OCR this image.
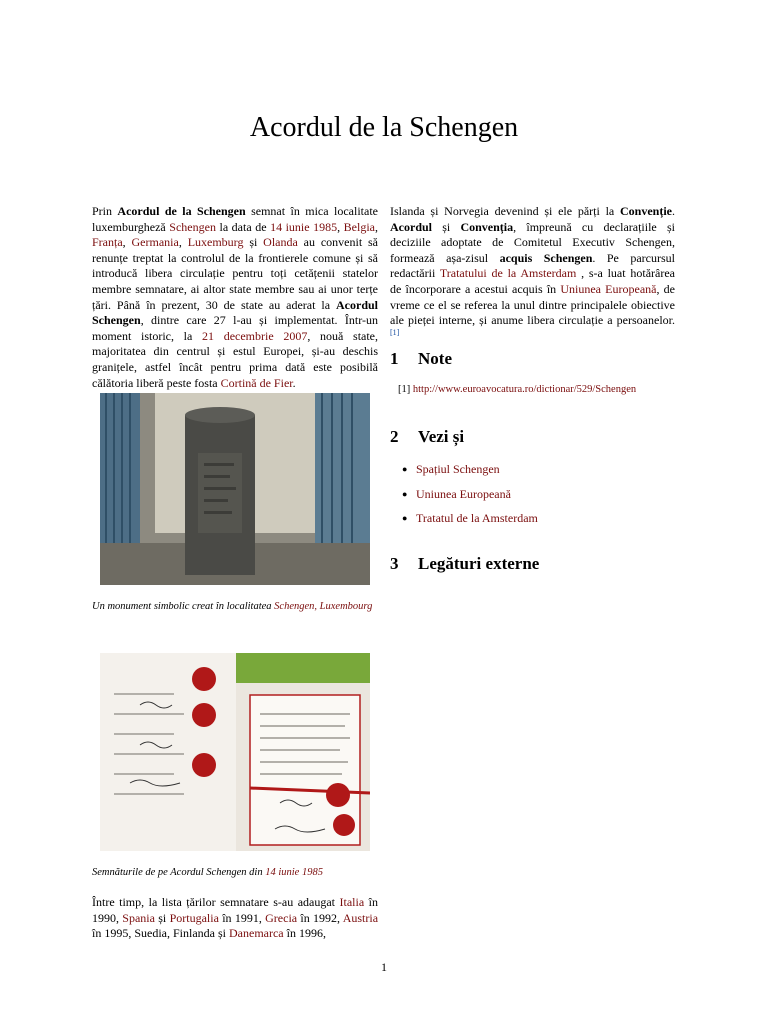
Acordul de la Schengen

Prin Acordul de la Schengen semnat în mica localitate luxemburgheză Schengen la data de 14 iunie 1985, Belgia, Franța, Germania, Luxemburg și Olanda au convenit să renunțe treptat la controlul de la frontierele comune și să introducă libera circulație pentru toți cetățenii statelor membre semnatare, ai altor state membre sau ai unor terțe țări. Până în prezent, 30 de state au aderat la Acordul Schengen, dintre care 27 l-au și implementat. Într-un moment istoric, la 21 decembrie 2007, nouă state, majoritatea din centrul și estul Europei, și-au deschis granițele, astfel încât pentru prima dată este posibilă călătoria liberă peste fosta Cortină de Fier.

Un monument simbolic creat în localitatea Schengen, Luxembourg
Semnăturile de pe Acordul Schengen din 14 iunie 1985
Între timp, la lista țărilor semnatare s-au adaugat Italia în 1990, Spania și Portugalia în 1991, Grecia în 1992, Austria în 1995, Suedia, Finlanda și Danemarca în 1996,

Islanda și Norvegia devenind și ele părți la Convenție. Acordul și Convenția, împreună cu declarațiile și deciziile adoptate de Comitetul Executiv Schengen, formează așa-zisul acquis Schengen. Pe parcursul redactării Tratatului de la Amsterdam , s-a luat hotărârea de încorporare a acestui acquis în Uniunea Europeană, de vreme ce el se referea la unul dintre principalele obiective ale pieței interne, și anume libera circulație a persoanelor.[1]

1 Note
[1] http://www.euroavocatura.ro/dictionar/529/Schengen
2 Vezi și
● Spațiul Schengen
● Uniunea Europeană
● Tratatul de la Amsterdam
3 Legături externe
1
